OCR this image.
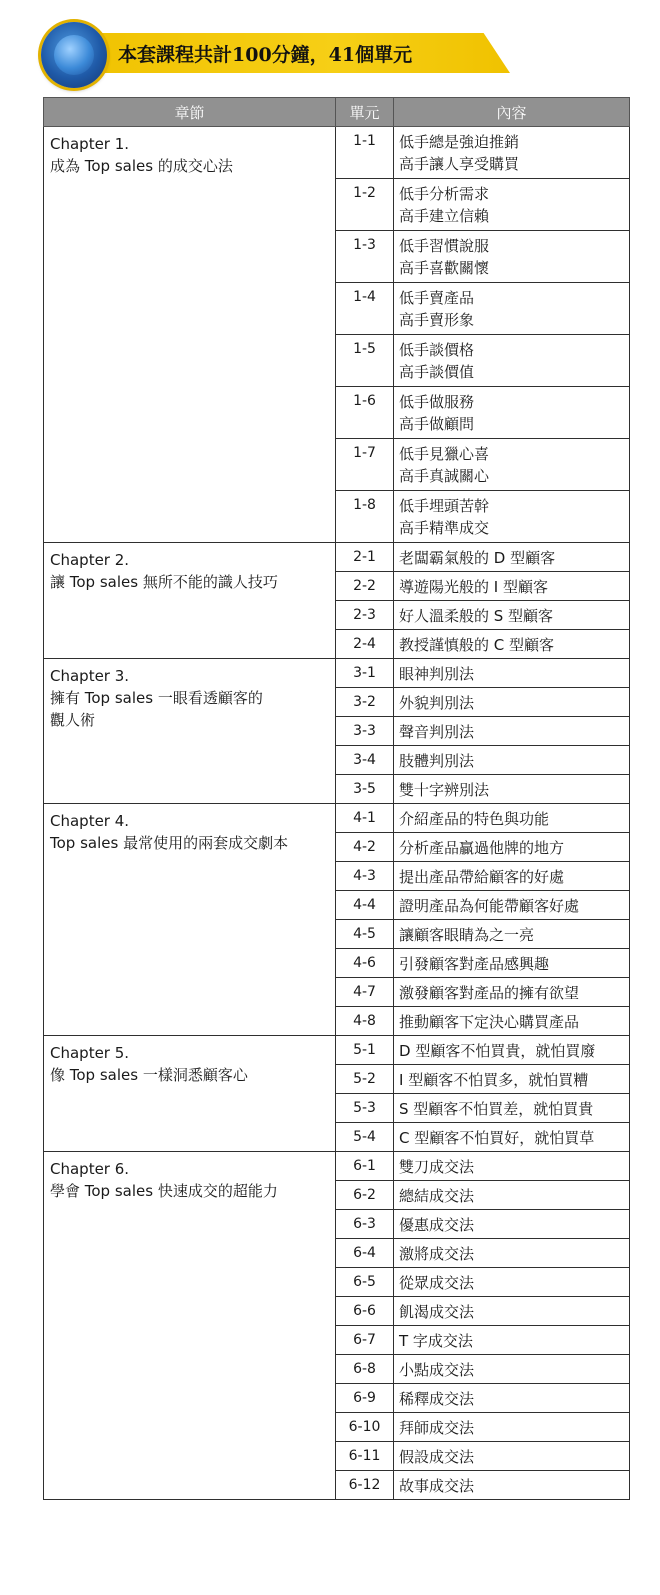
本套課程共計100分鐘，41個單元
章節	單元	內容

Chapter 1.
成為 Top sales 的成交心法	1-1	低手總是強迫推銷
高手讓人享受購買

	1-2	低手分析需求
高手建立信賴

	1-3	低手習慣說服
高手喜歡關懷

	1-4	低手賣產品
高手賣形象

	1-5	低手談價格
高手談價值

	1-6	低手做服務
高手做顧問

	1-7	低手見獵心喜
高手真誠關心

	1-8	低手埋頭苦幹
高手精準成交

Chapter 2.
讓 Top sales 無所不能的識人技巧	2-1	老闆霸氣般的 D 型顧客

	2-2	導遊陽光般的 I 型顧客

	2-3	好人溫柔般的 S 型顧客

	2-4	教授謹慎般的 C 型顧客

Chapter 3.
擁有 Top sales 一眼看透顧客的
觀人術	3-1	眼神判別法

	3-2	外貌判別法

	3-3	聲音判別法

	3-4	肢體判別法

	3-5	雙十字辨別法

Chapter 4.
Top sales 最常使用的兩套成交劇本	4-1	介紹產品的特色與功能

	4-2	分析產品贏過他牌的地方

	4-3	提出產品帶給顧客的好處

	4-4	證明產品為何能帶顧客好處

	4-5	讓顧客眼睛為之一亮

	4-6	引發顧客對產品感興趣

	4-7	激發顧客對產品的擁有欲望

	4-8	推動顧客下定決心購買產品

Chapter 5.
像 Top sales 一樣洞悉顧客心	5-1	D 型顧客不怕買貴，就怕買廢

	5-2	I 型顧客不怕買多，就怕買糟

	5-3	S 型顧客不怕買差，就怕買貴

	5-4	C 型顧客不怕買好，就怕買草

Chapter 6.
學會 Top sales 快速成交的超能力	6-1	雙刀成交法

	6-2	總結成交法

	6-3	優惠成交法

	6-4	激將成交法

	6-5	從眾成交法

	6-6	飢渴成交法

	6-7	T 字成交法

	6-8	小點成交法

	6-9	稀釋成交法

	6-10	拜師成交法

	6-11	假設成交法

	6-12	故事成交法
